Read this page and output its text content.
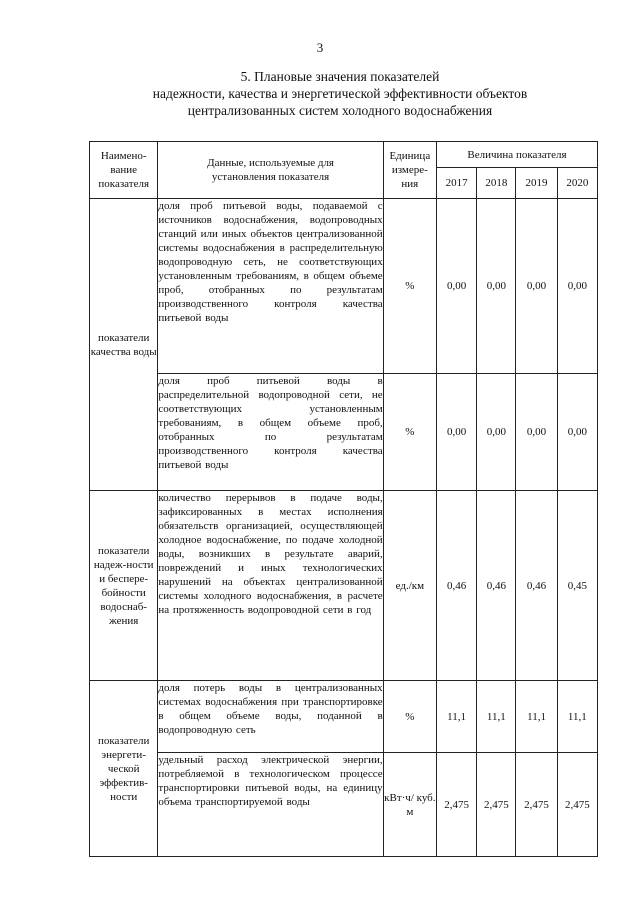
3
5. Плановые значения показателей
надежности, качества и энергетической эффективности объектов
централизованных систем холодного водоснабжения
Наимено-вание показателя	Данные, используемые для установления показателя	Единица измере-ния	Величина показателя			
			2017	2018	2019	2020
показатели качества воды	доля проб питьевой воды, подаваемой с источников водоснабжения, водопроводных станций или иных объектов централизованной системы водоснабжения в распределительную водопроводную сеть, не соответствующих установленным требованиям, в общем объеме проб, отобранных по результатам производственного контроля качества питьевой воды	%	0,00	0,00	0,00	0,00
	доля проб питьевой воды в распределительной водопроводной сети, не соответствующих установленным требованиям, в общем объеме проб, отобранных по результатам производственного контроля качества питьевой воды	%	0,00	0,00	0,00	0,00
показатели надеж-ности и беспере-бойности водоснаб-жения	количество перерывов в подаче воды, зафиксированных в местах исполнения обязательств организацией, осуществляющей холодное водоснабжение, по подаче холодной воды, возникших в результате аварий, повреждений и иных технологических нарушений на объектах централизованной системы холодного водоснабжения, в расчете на протяженность водопроводной сети в год	ед./км	0,46	0,46	0,46	0,45
показатели энергети-ческой эффектив-ности	доля потерь воды в централизованных системах водоснабжения при транспортировке в общем объеме воды, поданной в водопроводную сеть	%	11,1	11,1	11,1	11,1
	удельный расход электрической энергии, потребляемой в технологическом процессе транспортировки питьевой воды, на единицу объема транспортируемой воды	кВт·ч/ куб. м	2,475	2,475	2,475	2,475
